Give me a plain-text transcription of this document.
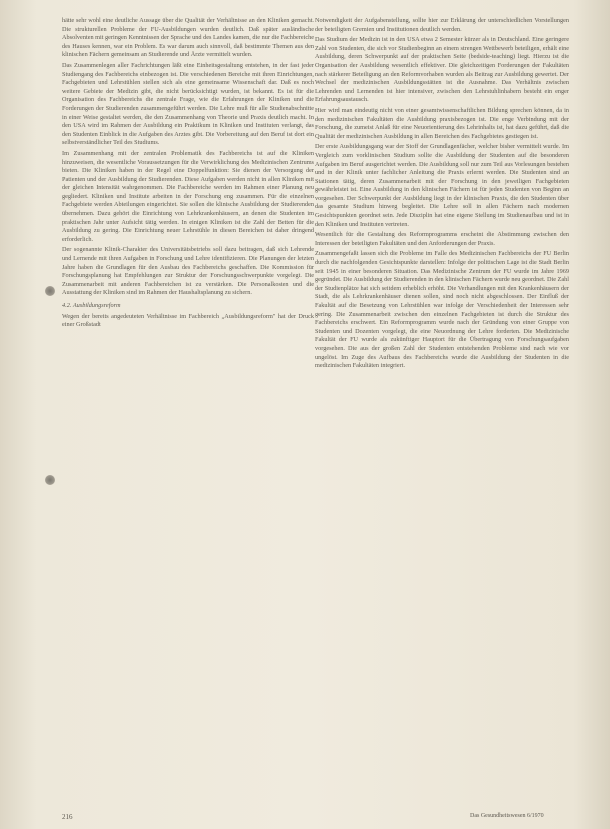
hätte sehr wohl eine deutliche Aussage über die Qualität der Verhältnisse an den Kliniken gemacht. Die strukturellen Probleme der FU-Ausbildungen wurden deutlich. Daß später ausländische Absolventen mit geringen Kenntnissen der Sprache und des Landes kamen, die nur die Fachbereiche des Hauses kennen, war ein Problem. Es war darum auch sinnvoll, daß bestimmte Themen aus den klinischen Fächern gemeinsam an Studierende und Ärzte vermittelt wurden.

Das Zusammenlegen aller Fachrichtungen läßt eine Einheitsgestaltung entstehen, in der fast jeder Studiengang des Fachbereichs einbezogen ist. Die verschiedenen Bereiche mit ihren Einrichtungen, Fachgebieten und Lehrstühlen stellen sich als eine gemeinsame Wissenschaft dar. Daß es noch weitere Gebiete der Medizin gibt, die nicht berücksichtigt wurden, ist bekannt. Es ist für die Organisation des Fachbereichs die zentrale Frage, wie die Erfahrungen der Kliniken und die Forderungen der Studierenden zusammengeführt werden. Die Lehre muß für alle Studienabschnitte in einer Weise gestaltet werden, die den Zusammenhang von Theorie und Praxis deutlich macht. In den USA wird im Rahmen der Ausbildung ein Praktikum in Kliniken und Instituten verlangt, das den Studenten Einblick in die Aufgaben des Arztes gibt. Die Vorbereitung auf den Beruf ist dort ein selbstverständlicher Teil des Studiums.

Im Zusammenhang mit der zentralen Problematik des Fachbereichs ist auf die Kliniken hinzuweisen, die wesentliche Voraussetzungen für die Verwirklichung des Medizinischen Zentrums bieten. Die Kliniken haben in der Regel eine Doppelfunktion: Sie dienen der Versorgung der Patienten und der Ausbildung der Studierenden. Diese Aufgaben werden nicht in allen Kliniken mit der gleichen Intensität wahrgenommen. Die Fachbereiche werden im Rahmen einer Planung neu gegliedert. Kliniken und Institute arbeiten in der Forschung eng zusammen. Für die einzelnen Fachgebiete werden Abteilungen eingerichtet. Sie sollen die klinische Ausbildung der Studierenden übernehmen. Dazu gehört die Einrichtung von Lehrkrankenhäusern, an denen die Studenten im praktischen Jahr unter Aufsicht tätig werden. In einigen Kliniken ist die Zahl der Betten für die Ausbildung zu gering. Die Einrichtung neuer Lehrstühle in diesen Bereichen ist daher dringend erforderlich.

Der sogenannte Klinik-Charakter des Universitätsbetriebs soll dazu beitragen, daß sich Lehrende und Lernende mit ihren Aufgaben in Forschung und Lehre identifizieren. Die Planungen der letzten Jahre haben die Grundlagen für den Ausbau des Fachbereichs geschaffen. Die Kommission für Forschungsplanung hat Empfehlungen zur Struktur der Forschungsschwerpunkte vorgelegt. Die Zusammenarbeit mit anderen Fachbereichen ist zu verstärken. Die Personalkosten und die Ausstattung der Kliniken sind im Rahmen der Haushaltsplanung zu sichern.

4.2. Ausbildungsreform

Wegen der bereits angedeuteten Verhältnisse im Fachbereich „Ausbildungsreform" hat der Druck einer Großstadt

Notwendigkeit der Aufgabenstellung, sollte hier zur Erklärung der unterschiedlichen Vorstellungen der beteiligten Gremien und Institutionen deutlich werden.

Das Studium der Medizin ist in den USA etwa 2 Semester kürzer als in Deutschland. Eine geringere Zahl von Studenten, die sich vor Studienbeginn an einem strengen Wettbewerb beteiligen, erhält eine Ausbildung, deren Schwerpunkt auf der praktischen Seite (bedside-teaching) liegt. Hierzu ist die Organisation der Ausbildung wesentlich effektiver. Die gleichzeitigen Forderungen der Fakultäten nach stärkerer Beteiligung an den Reformvorhaben wurden als Beitrag zur Ausbildung gewertet. Der Wechsel der medizinischen Ausbildungsstätten ist die Ausnahme. Das Verhältnis zwischen Lehrenden und Lernenden ist hier intensiver, zwischen den Lehrstuhlinhabern besteht ein enger Erfahrungsaustausch.

Hier wird man eindeutig nicht von einer gesamtwissenschaftlichen Bildung sprechen können, da in den medizinischen Fakultäten die Ausbildung praxisbezogen ist. Die enge Verbindung mit der Forschung, die zumeist Anlaß für eine Neuorientierung des Lehrinhalts ist, hat dazu geführt, daß die Qualität der medizinischen Ausbildung in allen Bereichen des Fachgebietes gestiegen ist.

Der erste Ausbildungsgang war der Stoff der Grundlagenfächer, welcher bisher vermittelt wurde. Im Vergleich zum vorklinischen Studium sollte die Ausbildung der Studenten auf die besonderen Aufgaben im Beruf ausgerichtet werden. Die Ausbildung soll nur zum Teil aus Vorlesungen bestehen und in der Klinik unter fachlicher Anleitung die Praxis erlernt werden. Die Studenten sind an Stationen tätig, deren Zusammenarbeit mit der Forschung in den jeweiligen Fachgebieten gewährleistet ist. Eine Ausbildung in den klinischen Fächern ist für jeden Studenten von Beginn an vorgesehen. Der Schwerpunkt der Ausbildung liegt in der klinischen Praxis, die den Studenten über das gesamte Studium hinweg begleitet. Die Lehre soll in allen Fächern nach modernen Gesichtspunkten geordnet sein. Jede Disziplin hat eine eigene Stellung im Studienaufbau und ist in den Kliniken und Instituten vertreten.

Wesentlich für die Gestaltung des Reformprogramms erscheint die Abstimmung zwischen den Interessen der beteiligten Fakultäten und den Anforderungen der Praxis.

Zusammengefaßt lassen sich die Probleme im Falle des Medizinischen Fachbereichs der FU Berlin durch die nachfolgenden Gesichtspunkte darstellen: Infolge der politischen Lage ist die Stadt Berlin seit 1945 in einer besonderen Situation. Das Medizinische Zentrum der FU wurde im Jahre 1969 gegründet. Die Ausbildung der Studierenden in den klinischen Fächern wurde neu geordnet. Die Zahl der Studienplätze hat sich seitdem erheblich erhöht. Die Verhandlungen mit den Krankenhäusern der Stadt, die als Lehrkrankenhäuser dienen sollen, sind noch nicht abgeschlossen. Der Einfluß der Fakultät auf die Besetzung von Lehrstühlen war infolge der Verschiedenheit der Interessen sehr gering. Die Zusammenarbeit zwischen den einzelnen Fachgebieten ist durch die Struktur des Fachbereichs erschwert. Ein Reformprogramm wurde nach der Gründung von einer Gruppe von Studenten und Dozenten vorgelegt, die eine Neuordnung der Lehre forderten. Die Medizinische Fakultät der FU wurde als zukünftiger Hauptort für die Übertragung von Forschungsaufgaben vorgesehen. Die aus der großen Zahl der Studenten entstehenden Probleme sind nach wie vor ungelöst. Im Zuge des Aufbaus des Fachbereichs wurde die Ausbildung der Studenten in die medizinischen Fakultäten integriert.

216	Das Gesundheitswesen 6/1970
